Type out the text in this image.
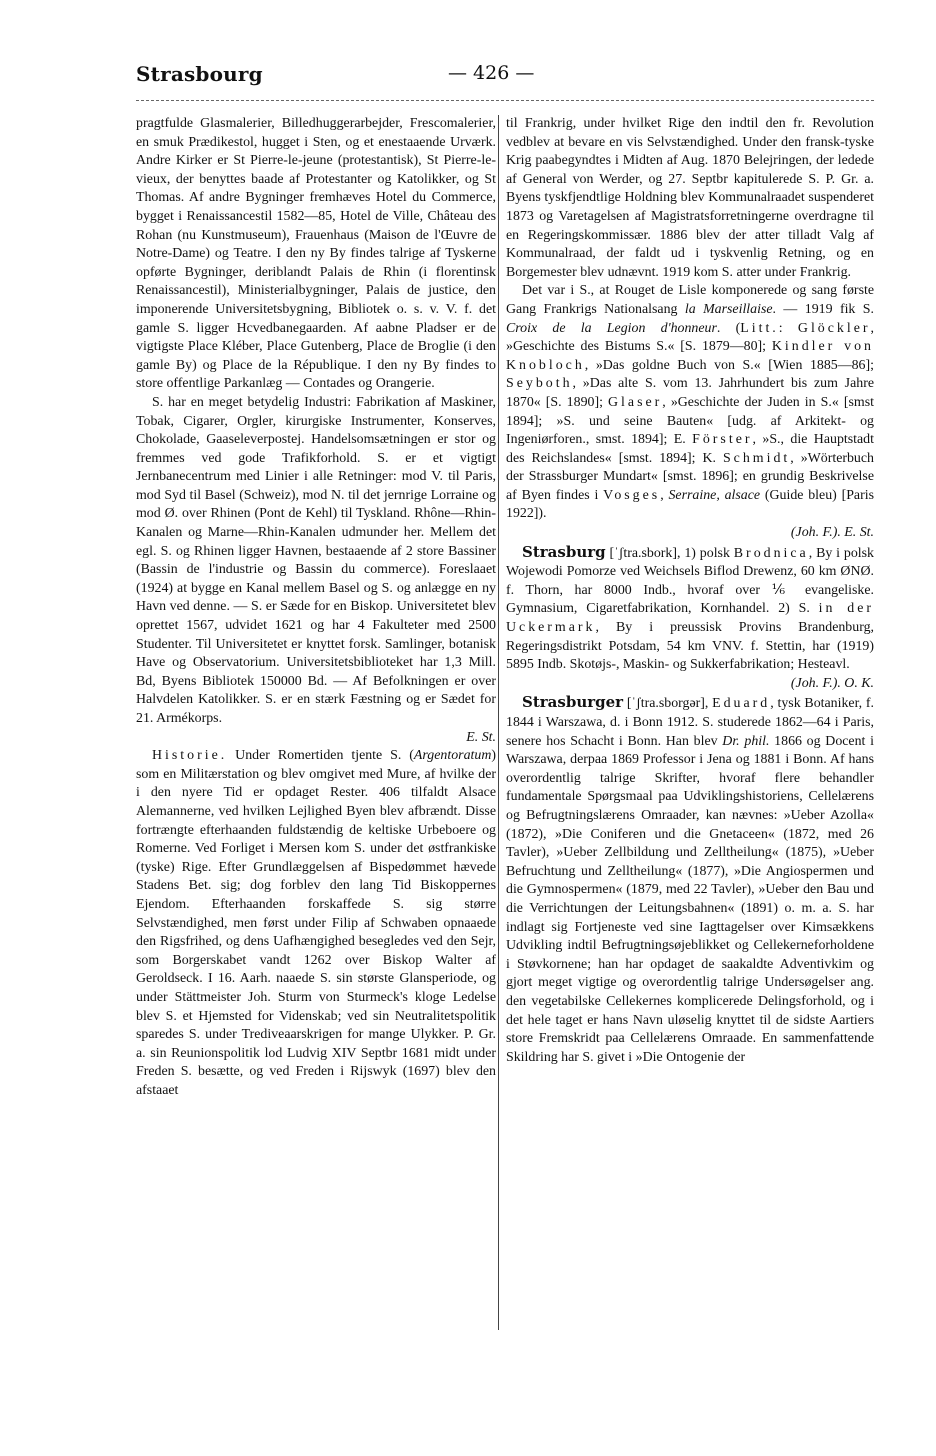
Strasbourg	— 426 —

pragtfulde Glasmalerier, Billedhuggerarbejder, Frescomalerier, en smuk Prædikestol, hugget i Sten, og et enestaaende Urværk. Andre Kirker er St Pierre-le-jeune (protestantisk), St Pierre-le-vieux, der benyttes baade af Protestanter og Katolikker, og St Thomas. Af andre Bygninger fremhæves Hotel du Commerce, bygget i Renaissancestil 1582—85, Hotel de Ville, Château des Rohan (nu Kunstmuseum), Frauenhaus (Maison de l'Œuvre de Notre-Dame) og Teatre. I den ny By findes talrige af Tyskerne opførte Bygninger, deriblandt Palais de Rhin (i florentinsk Renaissancestil), Ministerialbygninger, Palais de justice, den imponerende Universitetsbygning, Bibliotek o. s. v. V. f. det gamle S. ligger Hcvedbanegaarden. Af aabne Pladser er de vigtigste Place Kléber, Place Gutenberg, Place de Broglie (i den gamle By) og Place de la République. I den ny By findes to store offentlige Parkanlæg — Contades og Orangerie.

S. har en meget betydelig Industri: Fabrikation af Maskiner, Tobak, Cigarer, Orgler, kirurgiske Instrumenter, Konserves, Chokolade, Gaaseleverpostej. Handelsomsætningen er stor og fremmes ved gode Trafikforhold. S. er et vigtigt Jernbanecentrum med Linier i alle Retninger: mod V. til Paris, mod Syd til Basel (Schweiz), mod N. til det jernrige Lorraine og mod Ø. over Rhinen (Pont de Kehl) til Tyskland. Rhône—Rhin-Kanalen og Marne—Rhin-Kanalen udmunder her. Mellem det egl. S. og Rhinen ligger Havnen, bestaaende af 2 store Bassiner (Bassin de l'industrie og Bassin du commerce). Foreslaaet (1924) at bygge en Kanal mellem Basel og S. og anlægge en ny Havn ved denne. — S. er Sæde for en Biskop. Universitetet blev oprettet 1567, udvidet 1621 og har 4 Fakulteter med 2500 Studenter. Til Universitetet er knyttet forsk. Samlinger, botanisk Have og Observatorium. Universitetsbiblioteket har 1,3 Mill. Bd, Byens Bibliotek 150000 Bd. — Af Befolkningen er over Halvdelen Katolikker. S. er en stærk Fæstning og er Sædet for 21. Armékorps.
E. St.

Historie. Under Romertiden tjente S. (Argentoratum) som en Militærstation og blev omgivet med Mure, af hvilke der i den nyere Tid er opdaget Rester. 406 tilfaldt Alsace Alemannerne, ved hvilken Lejlighed Byen blev afbrændt. Disse fortrængte efterhaanden fuldstændig de keltiske Urbeboere og Romerne. Ved Forliget i Mersen kom S. under det østfrankiske (tyske) Rige. Efter Grundlæggelsen af Bispedømmet hævede Stadens Bet. sig; dog forblev den lang Tid Biskoppernes Ejendom. Efterhaanden forskaffede S. sig større Selvstændighed, men først under Filip af Schwaben opnaaede den Rigsfrihed, og dens Uafhængighed besegledes ved den Sejr, som Borgerskabet vandt 1262 over Biskop Walter af Geroldseck. I 16. Aarh. naaede S. sin største Glansperiode, og under Stättmeister Joh. Sturm von Sturmeck's kloge Ledelse blev S. et Hjemsted for Videnskab; ved sin Neutralitetspolitik sparedes S. under Trediveaarskrigen for mange Ulykker. P. Gr. a. sin Reunionspolitik lod Ludvig XIV Septbr 1681 midt under Freden S. besætte, og ved Freden i Rijswyk (1697) blev den afstaaet

til Frankrig, under hvilket Rige den indtil den fr. Revolution vedblev at bevare en vis Selvstændighed. Under den fransk-tyske Krig paabegyndtes i Midten af Aug. 1870 Belejringen, der ledede af General von Werder, og 27. Septbr kapitulerede S. P. Gr. a. Byens tyskfjendtlige Holdning blev Kommunalraadet suspenderet 1873 og Varetagelsen af Magistratsforretningerne overdragne til en Regeringskommissær. 1886 blev der atter tilladt Valg af Kommunalraad, der faldt ud i tyskvenlig Retning, og en Borgemester blev udnævnt. 1919 kom S. atter under Frankrig.

Det var i S., at Rouget de Lisle komponerede og sang første Gang Frankrigs Nationalsang la Marseillaise. — 1919 fik S. Croix de la Legion d'honneur. (Litt.: Glöckler, »Geschichte des Bistums S.« [S. 1879—80]; Kindler von Knobloch, »Das goldne Buch von S.« [Wien 1885—86]; Seyboth, »Das alte S. vom 13. Jahrhundert bis zum Jahre 1870« [S. 1890]; Glaser, »Geschichte der Juden in S.« [smst 1894]; »S. und seine Bauten« [udg. af Arkitekt- og Ingeniørforen., smst. 1894]; E. Förster, »S., die Hauptstadt des Reichslandes« [smst. 1894]; K. Schmidt, »Wörterbuch der Strassburger Mundart« [smst. 1896]; en grundig Beskrivelse af Byen findes i Vosges, Serraine, alsace (Guide bleu) [Paris 1922]).
(Joh. F.). E. St.

Strasburg [ˈʃtra.sbork], 1) polsk Brodnica, By i polsk Wojewodi Pomorze ved Weichsels Biflod Drewenz, 60 km ØNØ. f. Thorn, har 8000 Indb., hvoraf over ⅙ evangeliske. Gymnasium, Cigaretfabrikation, Kornhandel. 2) S. in der Uckermark, By i preussisk Provins Brandenburg, Regeringsdistrikt Potsdam, 54 km VNV. f. Stettin, har (1919) 5895 Indb. Skotøjs-, Maskin- og Sukkerfabrikation; Hesteavl.
(Joh. F.). O. K.

Strasburger [ˈʃtra.sborgər], Eduard, tysk Botaniker, f. 1844 i Warszawa, d. i Bonn 1912. S. studerede 1862—64 i Paris, senere hos Schacht i Bonn. Han blev Dr. phil. 1866 og Docent i Warszawa, derpaa 1869 Professor i Jena og 1881 i Bonn. Af hans overordentlig talrige Skrifter, hvoraf flere behandler fundamentale Spørgsmaal paa Udviklingshistoriens, Cellelærens og Befrugtningslærens Omraader, kan nævnes: »Ueber Azolla« (1872), »Die Coniferen und die Gnetaceen« (1872, med 26 Tavler), »Ueber Zellbildung und Zelltheilung« (1875), »Ueber Befruchtung und Zelltheilung« (1877), »Die Angiospermen und die Gymnospermen« (1879, med 22 Tavler), »Ueber den Bau und die Verrichtungen der Leitungsbahnen« (1891) o. m. a. S. har indlagt sig Fortjeneste ved sine Iagttagelser over Kimsækkens Udvikling indtil Befrugtningsøjeblikket og Cellekerneforholdene i Støvkornene; han har opdaget de saakaldte Adventivkim og gjort meget vigtige og overordentlig talrige Undersøgelser ang. den vegetabilske Cellekernes komplicerede Delingsforhold, og i det hele taget er hans Navn uløselig knyttet til de sidste Aartiers store Fremskridt paa Cellelærens Omraade. En sammenfattende Skildring har S. givet i »Die Ontogenie der
